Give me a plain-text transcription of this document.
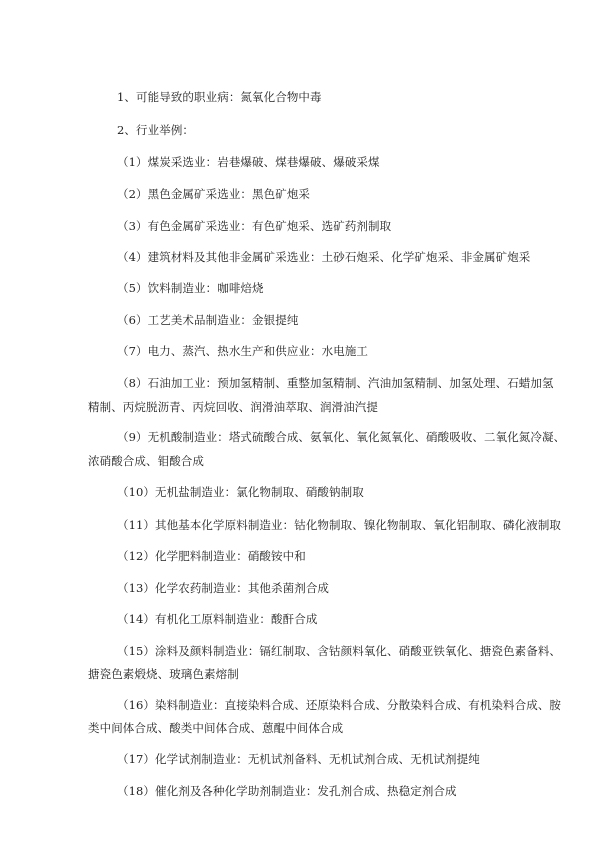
1、可能导致的职业病：氮氧化合物中毒
2、行业举例：
（1）煤炭采选业：岩巷爆破、煤巷爆破、爆破采煤
（2）黑色金属矿采选业：黑色矿炮采
（3）有色金属矿采选业：有色矿炮采、选矿药剂制取
（4）建筑材料及其他非金属矿采选业：土砂石炮采、化学矿炮采、非金属矿炮采
（5）饮料制造业：咖啡焙烧
（6）工艺美术品制造业：金银提纯
（7）电力、蒸汽、热水生产和供应业：水电施工
（8）石油加工业：预加氢精制、重整加氢精制、汽油加氢精制、加氢处理、石蜡加氢
精制、丙烷脱沥青、丙烷回收、润滑油萃取、润滑油汽提
（9）无机酸制造业：塔式硫酸合成、氨氧化、氧化氮氧化、硝酸吸收、二氧化氮冷凝、
浓硝酸合成、钼酸合成
（10）无机盐制造业：氯化物制取、硝酸钠制取
（11）其他基本化学原料制造业：钴化物制取、镍化物制取、氧化铝制取、磷化液制取
（12）化学肥料制造业：硝酸铵中和
（13）化学农药制造业：其他杀菌剂合成
（14）有机化工原料制造业：酸酐合成
（15）涂料及颜料制造业：镉红制取、含钴颜料氧化、硝酸亚铁氧化、搪瓷色素备料、
搪瓷色素煅烧、玻璃色素熔制
（16）染料制造业：直接染料合成、还原染料合成、分散染料合成、有机染料合成、胺
类中间体合成、酸类中间体合成、蒽醌中间体合成
（17）化学试剂制造业：无机试剂备料、无机试剂合成、无机试剂提纯
（18）催化剂及各种化学助剂制造业：发孔剂合成、热稳定剂合成
